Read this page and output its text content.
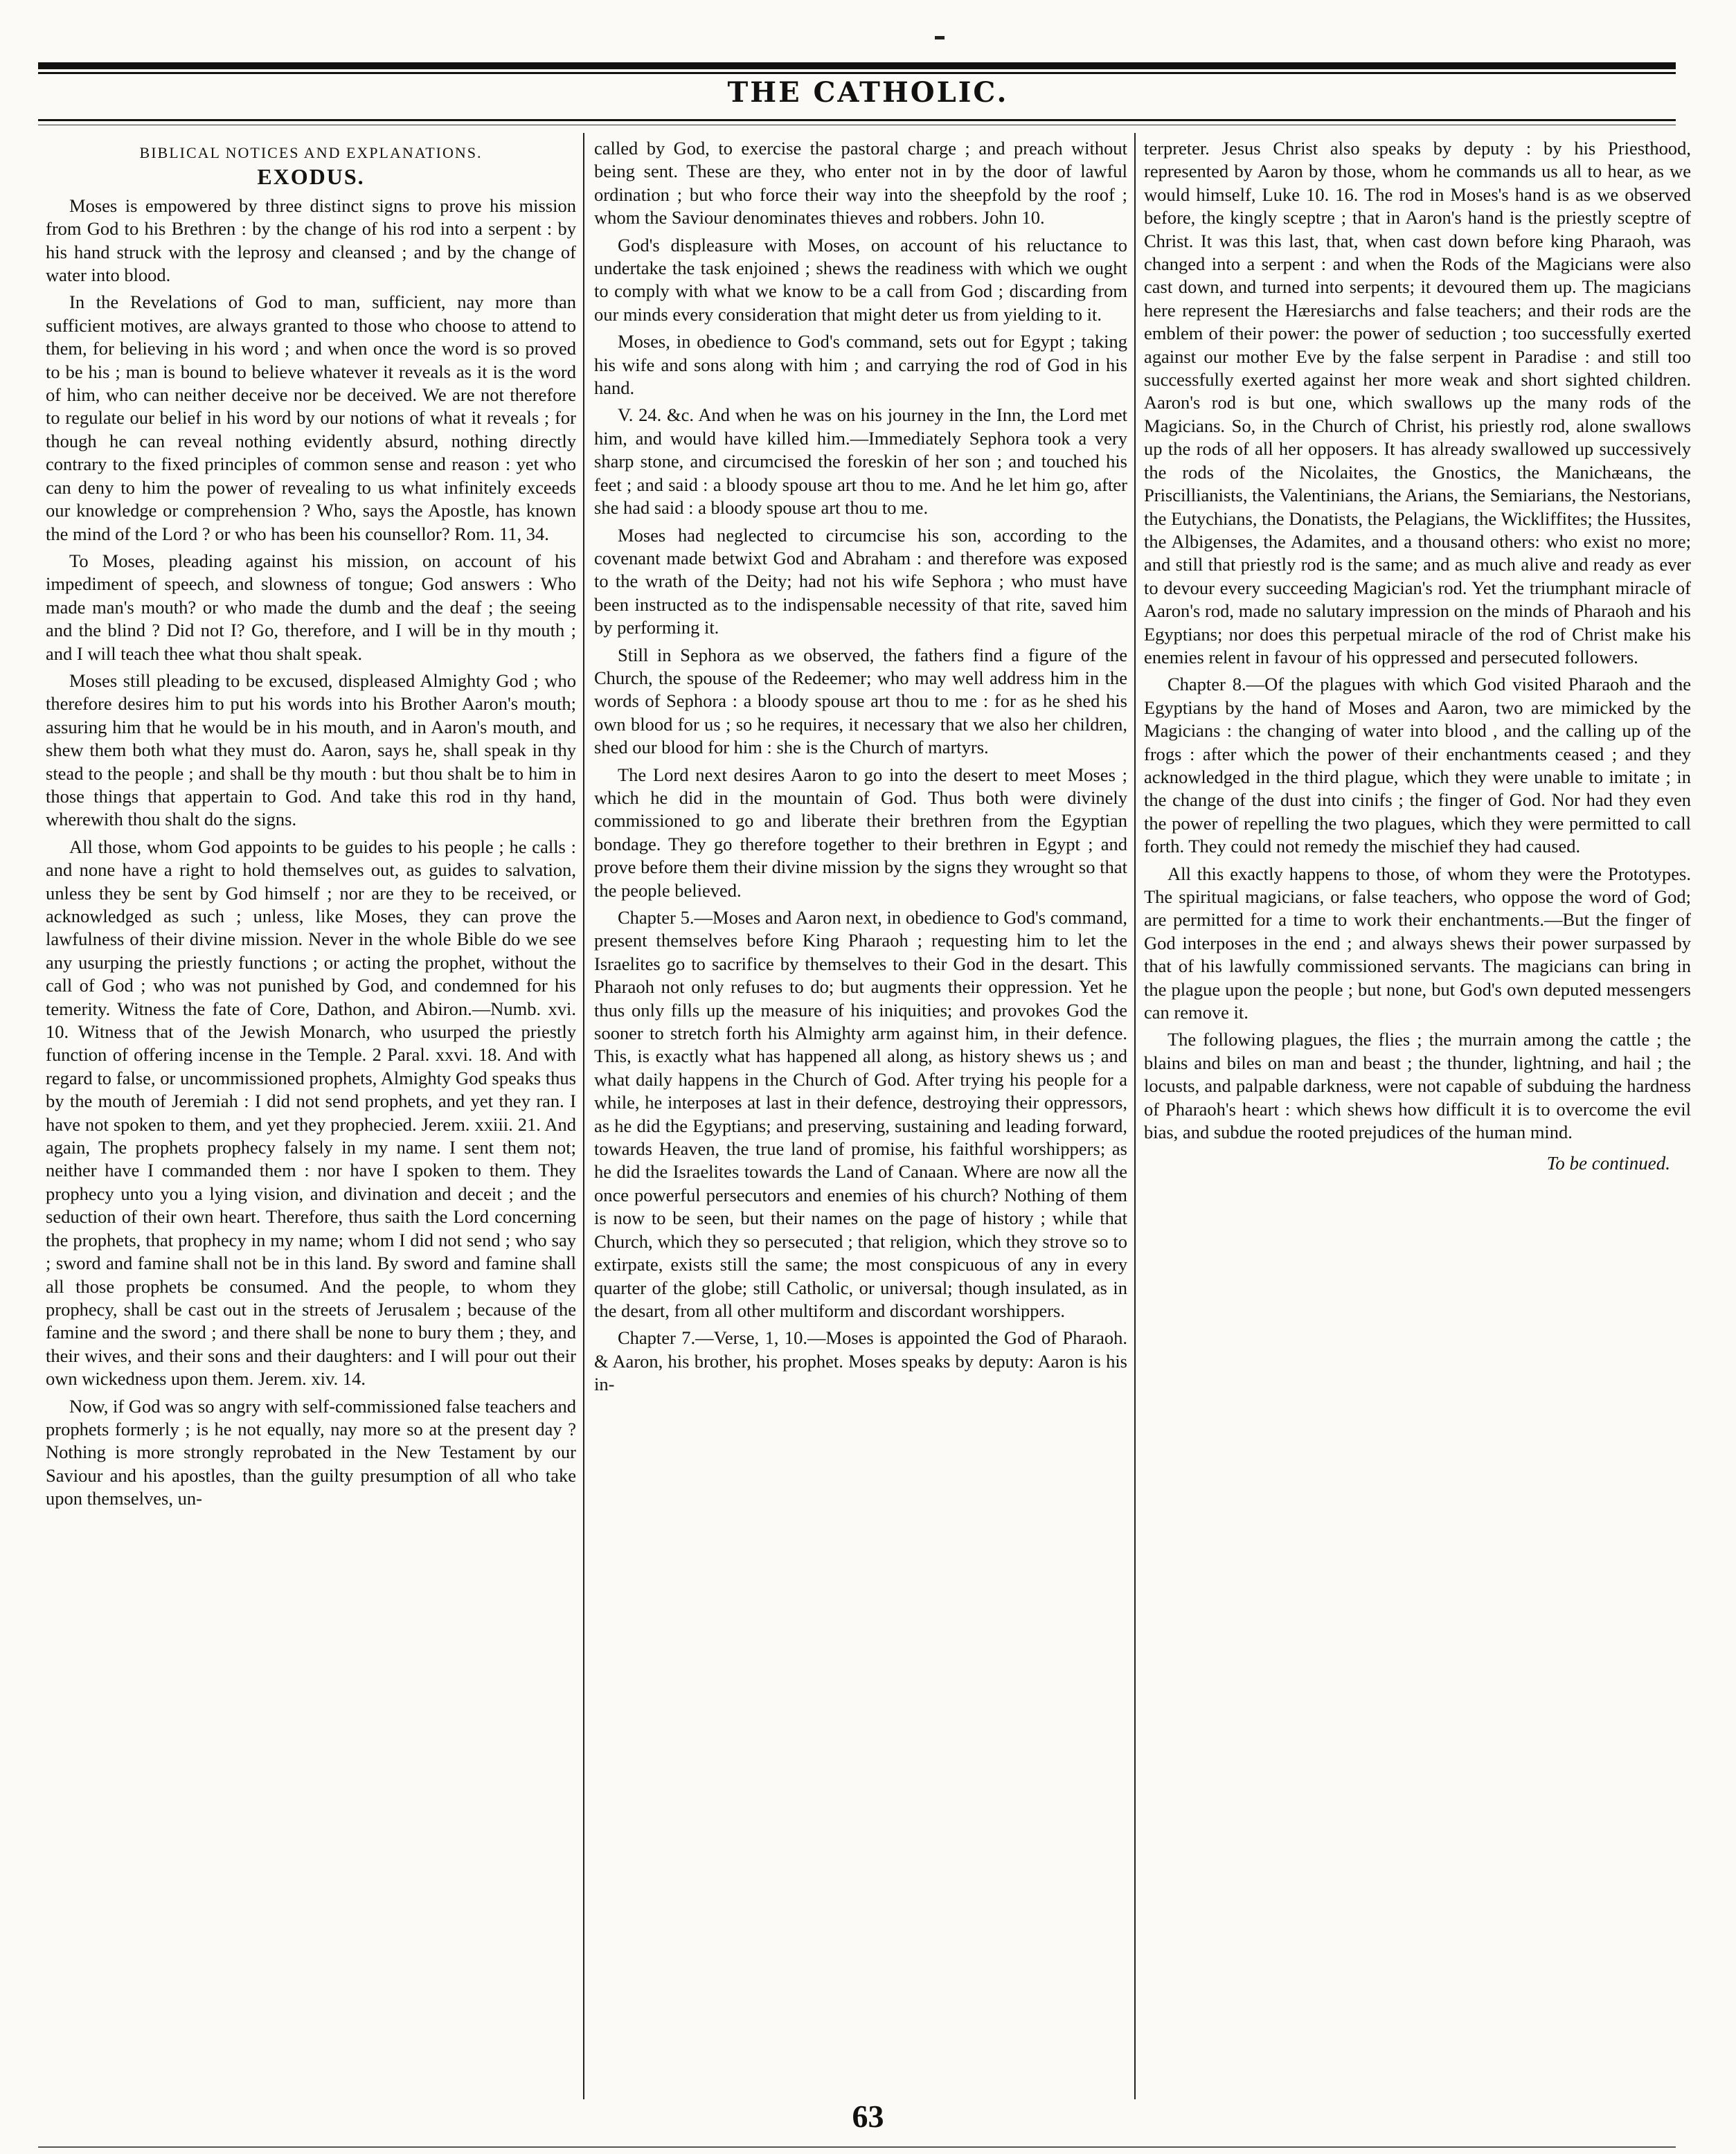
THE CATHOLIC.
BIBLICAL NOTICES AND EXPLANATIONS.
EXODUS.

Moses is empowered by three distinct signs to prove his mission from God to his Brethren : by the change of his rod into a serpent : by his hand struck with the leprosy and cleansed ; and by the change of water into blood.

In the Revelations of God to man, sufficient, nay more than sufficient motives, are always granted to those who choose to attend to them, for believing in his word ; and when once the word is so proved to be his ; man is bound to believe whatever it reveals as it is the word of him, who can neither deceive nor be deceived. We are not therefore to regulate our belief in his word by our notions of what it reveals ; for though he can reveal nothing evidently absurd, nothing directly contrary to the fixed principles of common sense and reason : yet who can deny to him the power of revealing to us what infinitely exceeds our knowledge or comprehension ? Who, says the Apostle, has known the mind of the Lord ? or who has been his counsellor? Rom. 11, 34.

To Moses, pleading against his mission, on account of his impediment of speech, and slowness of tongue; God answers : Who made man's mouth? or who made the dumb and the deaf ; the seeing and the blind ? Did not I? Go, therefore, and I will be in thy mouth ; and I will teach thee what thou shalt speak.

Moses still pleading to be excused, displeased Almighty God ; who therefore desires him to put his words into his Brother Aaron's mouth; assuring him that he would be in his mouth, and in Aaron's mouth, and shew them both what they must do. Aaron, says he, shall speak in thy stead to the people ; and shall be thy mouth : but thou shalt be to him in those things that appertain to God. And take this rod in thy hand, wherewith thou shalt do the signs.

All those, whom God appoints to be guides to his people ; he calls : and none have a right to hold themselves out, as guides to salvation, unless they be sent by God himself ; nor are they to be received, or acknowledged as such ; unless, like Moses, they can prove the lawfulness of their divine mission. Never in the whole Bible do we see any usurping the priestly functions ; or acting the prophet, without the call of God ; who was not punished by God, and condemned for his temerity. Witness the fate of Core, Dathon, and Abiron.—Numb. xvi. 10. Witness that of the Jewish Monarch, who usurped the priestly function of offering incense in the Temple. 2 Paral. xxvi. 18. And with regard to false, or uncommissioned prophets, Almighty God speaks thus by the mouth of Jeremiah : I did not send prophets, and yet they ran. I have not spoken to them, and yet they prophecied. Jerem. xxiii. 21. And again, The prophets prophecy falsely in my name. I sent them not; neither have I commanded them : nor have I spoken to them. They prophecy unto you a lying vision, and divination and deceit ; and the seduction of their own heart. Therefore, thus saith the Lord concerning the prophets, that prophecy in my name; whom I did not send ; who say ; sword and famine shall not be in this land. By sword and famine shall all those prophets be consumed. And the people, to whom they prophecy, shall be cast out in the streets of Jerusalem ; because of the famine and the sword ; and there shall be none to bury them ; they, and their wives, and their sons and their daughters: and I will pour out their own wickedness upon them. Jerem. xiv. 14.

Now, if God was so angry with self-commissioned false teachers and prophets formerly ; is he not equally, nay more so at the present day ? Nothing is more strongly reprobated in the New Testament by our Saviour and his apostles, than the guilty presumption of all who take upon themselves, un-

called by God, to exercise the pastoral charge ; and preach without being sent. These are they, who enter not in by the door of lawful ordination ; but who force their way into the sheepfold by the roof ; whom the Saviour denominates thieves and robbers. John 10.

God's displeasure with Moses, on account of his reluctance to undertake the task enjoined ; shews the readiness with which we ought to comply with what we know to be a call from God ; discarding from our minds every consideration that might deter us from yielding to it.

Moses, in obedience to God's command, sets out for Egypt ; taking his wife and sons along with him ; and carrying the rod of God in his hand.

V. 24. &c. And when he was on his journey in the Inn, the Lord met him, and would have killed him.—Immediately Sephora took a very sharp stone, and circumcised the foreskin of her son ; and touched his feet ; and said : a bloody spouse art thou to me. And he let him go, after she had said : a bloody spouse art thou to me.

Moses had neglected to circumcise his son, according to the covenant made betwixt God and Abraham : and therefore was exposed to the wrath of the Deity; had not his wife Sephora ; who must have been instructed as to the indispensable necessity of that rite, saved him by performing it.

Still in Sephora as we observed, the fathers find a figure of the Church, the spouse of the Redeemer; who may well address him in the words of Sephora : a bloody spouse art thou to me : for as he shed his own blood for us ; so he requires, it necessary that we also her children, shed our blood for him : she is the Church of martyrs.

The Lord next desires Aaron to go into the desert to meet Moses ; which he did in the mountain of God. Thus both were divinely commissioned to go and liberate their brethren from the Egyptian bondage. They go therefore together to their brethren in Egypt ; and prove before them their divine mission by the signs they wrought so that the people believed.

Chapter 5.—Moses and Aaron next, in obedience to God's command, present themselves before King Pharaoh ; requesting him to let the Israelites go to sacrifice by themselves to their God in the desart. This Pharaoh not only refuses to do; but augments their oppression. Yet he thus only fills up the measure of his iniquities; and provokes God the sooner to stretch forth his Almighty arm against him, in their defence. This, is exactly what has happened all along, as history shews us ; and what daily happens in the Church of God. After trying his people for a while, he interposes at last in their defence, destroying their oppressors, as he did the Egyptians; and preserving, sustaining and leading forward, towards Heaven, the true land of promise, his faithful worshippers; as he did the Israelites towards the Land of Canaan. Where are now all the once powerful persecutors and enemies of his church? Nothing of them is now to be seen, but their names on the page of history ; while that Church, which they so persecuted ; that religion, which they strove so to extirpate, exists still the same; the most conspicuous of any in every quarter of the globe; still Catholic, or universal; though insulated, as in the desart, from all other multiform and discordant worshippers.

Chapter 7.—Verse, 1, 10.—Moses is appointed the God of Pharaoh. & Aaron, his brother, his prophet. Moses speaks by deputy: Aaron is his in-

terpreter. Jesus Christ also speaks by deputy : by his Priesthood, represented by Aaron by those, whom he commands us all to hear, as we would himself, Luke 10. 16. The rod in Moses's hand is as we observed before, the kingly sceptre ; that in Aaron's hand is the priestly sceptre of Christ. It was this last, that, when cast down before king Pharaoh, was changed into a serpent : and when the Rods of the Magicians were also cast down, and turned into serpents; it devoured them up. The magicians here represent the Hæresiarchs and false teachers; and their rods are the emblem of their power: the power of seduction ; too successfully exerted against our mother Eve by the false serpent in Paradise : and still too successfully exerted against her more weak and short sighted children. Aaron's rod is but one, which swallows up the many rods of the Magicians. So, in the Church of Christ, his priestly rod, alone swallows up the rods of all her opposers. It has already swallowed up successively the rods of the Nicolaites, the Gnostics, the Manichæans, the Priscillianists, the Valentinians, the Arians, the Semiarians, the Nestorians, the Eutychians, the Donatists, the Pelagians, the Wickliffites; the Hussites, the Albigenses, the Adamites, and a thousand others: who exist no more; and still that priestly rod is the same; and as much alive and ready as ever to devour every succeeding Magician's rod. Yet the triumphant miracle of Aaron's rod, made no salutary impression on the minds of Pharaoh and his Egyptians; nor does this perpetual miracle of the rod of Christ make his enemies relent in favour of his oppressed and persecuted followers.

Chapter 8.—Of the plagues with which God visited Pharaoh and the Egyptians by the hand of Moses and Aaron, two are mimicked by the Magicians : the changing of water into blood , and the calling up of the frogs : after which the power of their enchantments ceased ; and they acknowledged in the third plague, which they were unable to imitate ; in the change of the dust into cinifs ; the finger of God. Nor had they even the power of repelling the two plagues, which they were permitted to call forth. They could not remedy the mischief they had caused.

All this exactly happens to those, of whom they were the Prototypes. The spiritual magicians, or false teachers, who oppose the word of God; are permitted for a time to work their enchantments.—But the finger of God interposes in the end ; and always shews their power surpassed by that of his lawfully commissioned servants. The magicians can bring in the plague upon the people ; but none, but God's own deputed messengers can remove it.

The following plagues, the flies ; the murrain among the cattle ; the blains and biles on man and beast ; the thunder, lightning, and hail ; the locusts, and palpable darkness, were not capable of subduing the hardness of Pharaoh's heart : which shews how difficult it is to overcome the evil bias, and subdue the rooted prejudices of the human mind.

To be continued.
63
